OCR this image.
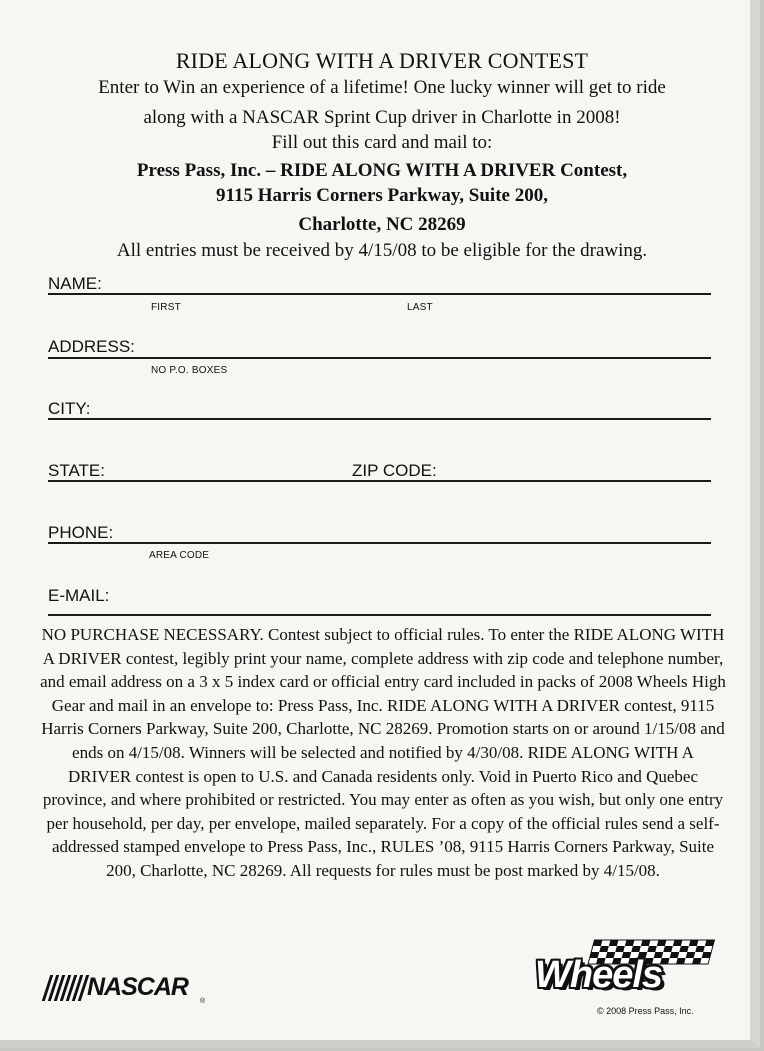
RIDE ALONG WITH A DRIVER CONTEST
Enter to Win an experience of a lifetime! One lucky winner will get to ride
along with a NASCAR Sprint Cup driver in Charlotte in 2008!
Fill out this card and mail to:
Press Pass, Inc. – RIDE ALONG WITH A DRIVER Contest,
9115 Harris Corners Parkway, Suite 200,
Charlotte, NC 28269
All entries must be received by 4/15/08 to be eligible for the drawing.
NAME:
FIRST	LAST
ADDRESS:
NO P.O. BOXES
CITY:
STATE:	ZIP CODE:
PHONE:
AREA CODE
E-MAIL:
NO PURCHASE NECESSARY. Contest subject to official rules. To enter the RIDE ALONG WITH A DRIVER contest, legibly print your name, complete address with zip code and telephone number, and email address on a 3 x 5 index card or official entry card included in packs of 2008 Wheels High Gear and mail in an envelope to: Press Pass, Inc. RIDE ALONG WITH A DRIVER contest, 9115 Harris Corners Parkway, Suite 200, Charlotte, NC 28269. Promotion starts on or around 1/15/08 and ends on 4/15/08. Winners will be selected and notified by 4/30/08. RIDE ALONG WITH A DRIVER contest is open to U.S. and Canada residents only. Void in Puerto Rico and Quebec province, and where prohibited or restricted. You may enter as often as you wish, but only one entry per household, per day, per envelope, mailed separately. For a copy of the official rules send a self-addressed stamped envelope to Press Pass, Inc., RULES ’08, 9115 Harris Corners Parkway, Suite 200, Charlotte, NC 28269. All requests for rules must be post marked by 4/15/08.
NASCAR
®
Wheels
© 2008 Press Pass, Inc.
